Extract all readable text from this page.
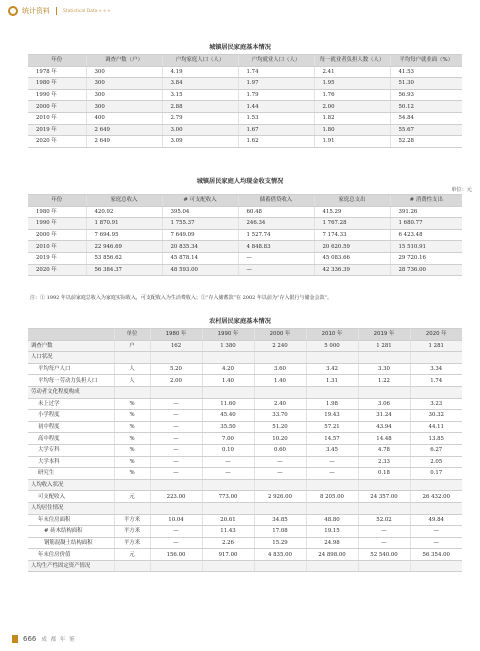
统计资料	Statistical Data ⋄ ⋄ ⋄
城镇居民家庭基本情况
年份	调查户数（户）	户均家庭人口（人）	户均就业人口（人）	每一就业者负担人数（人）	平均每户就业面（%）
1978 年	300	4.19	1.74	2.41	41.53
1980 年	300	3.84	1.97	1.95	51.30
1990 年	300	3.15	1.79	1.76	56.93
2000 年	300	2.88	1.44	2.00	50.12
2010 年	400	2.79	1.53	1.82	54.84
2019 年	2 649	3.00	1.67	1.80	55.67
2020 年	2 649	3.09	1.62	1.91	52.28
城镇居民家庭人均现金收支情况
单位：元
年份	家庭总收入	# 可支配收入	储蓄借贷收入	家庭总支出	# 消费性支出
1980 年	420.92	395.04	60.48	415.29	391.26
1990 年	1 870.91	1 755.37	246.34	1 767.28	1 680.77
2000 年	7 694.95	7 649.09	1 527.74	7 174.33	6 423.48
2010 年	22 946.69	20 835.34	4 848.83	20 620.59	15 510.91
2019 年	53 856.62	45 878.14	—	45 083.66	29 720.16
2020 年	56 384.37	48 593.00	—	42 336.39	28 736.00
注：① 1992 年以前家庭总收入为家庭实际收入，可支配收入为生活费收入；②“存入储蓄款”在 2002 年以前为“存入银行与储金会款”。
农村居民家庭基本情况
	单位	1980 年	1990 年	2000 年	2010 年	2019 年	2020 年
调查户数	户	162	1 380	2 240	5 000	1 281	1 281
人口状况							
平均每户人口	人	5.20	4.20	3.60	3.42	3.30	3.34
平均每一劳动力负担人口	人	2.00	1.40	1.40	1.31	1.22	1.74
劳动者文化程度构成							
未上过学	%	—	11.60	2.40	1.98	3.06	3.23
小学程度	%	—	45.40	33.70	19.43	31.24	30.32
初中程度	%	—	35.50	51.20	57.21	43.94	44.11
高中程度	%	—	7.00	10.20	14.57	14.48	13.85
大学专科	%	—	0.10	0.60	3.45	4.78	6.27
大学本科	%	—	—	—	—	2.33	2.05
研究生	%	—	—	—	—	0.18	0.17
人均收入状况							
可支配收入	元	223.00	773.00	2 926.00	8 205.00	24 357.00	26 432.00
人均居住情况							
年末住房面积	平方米	10.04	20.61	34.85	48.80	52.02	49.84
# 砖木结构面积	平方米	—	11.43	17.08	19.15	—	—
钢筋混凝土结构面积	平方米	—	2.26	15.29	24.98	—	—
年末住房价值	元	156.00	917.00	4 835.00	24 898.00	52 540.00	56 354.00
人均生产性固定资产情况							
666 成 都 年 鉴
